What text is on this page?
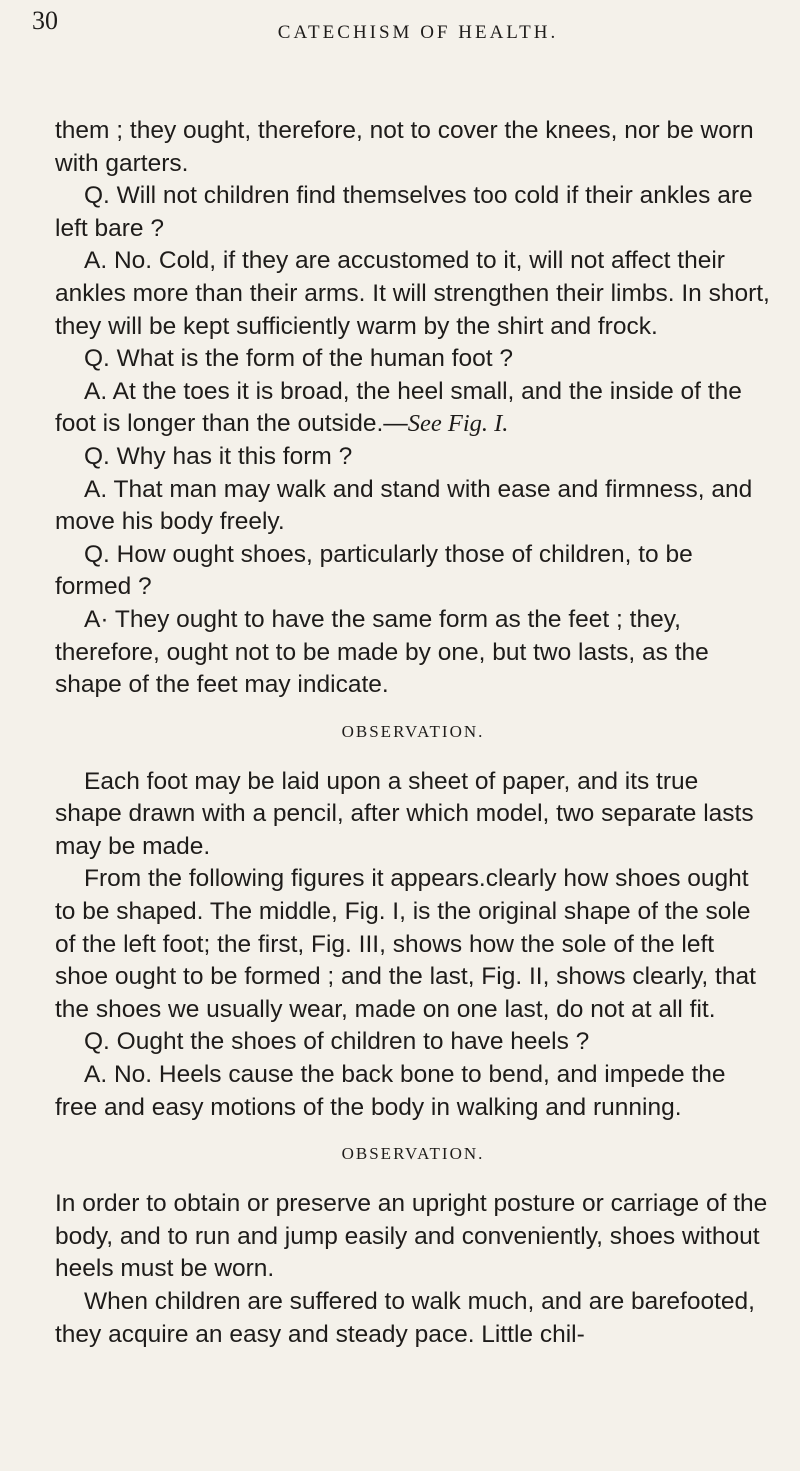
30	CATECHISM OF HEALTH.

them ; they ought, therefore, not to cover the knees, nor be worn with garters.

Q. Will not children find themselves too cold if their ankles are left bare ?

A. No. Cold, if they are accustomed to it, will not affect their ankles more than their arms. It will strengthen their limbs. In short, they will be kept sufficiently warm by the shirt and frock.

Q. What is the form of the human foot ?

A. At the toes it is broad, the heel small, and the inside of the foot is longer than the outside.—See Fig. I.

Q. Why has it this form ?

A. That man may walk and stand with ease and firmness, and move his body freely.

Q. How ought shoes, particularly those of children, to be formed ?

A· They ought to have the same form as the feet ; they, therefore, ought not to be made by one, but two lasts, as the shape of the feet may indicate.

OBSERVATION.

Each foot may be laid upon a sheet of paper, and its true shape drawn with a pencil, after which model, two separate lasts may be made.

From the following figures it appears.clearly how shoes ought to be shaped. The middle, Fig. I, is the original shape of the sole of the left foot; the first, Fig. III, shows how the sole of the left shoe ought to be formed ; and the last, Fig. II, shows clearly, that the shoes we usually wear, made on one last, do not at all fit.

Q. Ought the shoes of children to have heels ?

A. No. Heels cause the back bone to bend, and impede the free and easy motions of the body in walking and running.

OBSERVATION.

In order to obtain or preserve an upright posture or carriage of the body, and to run and jump easily and conveniently, shoes without heels must be worn.

When children are suffered to walk much, and are barefooted, they acquire an easy and steady pace. Little chil-
